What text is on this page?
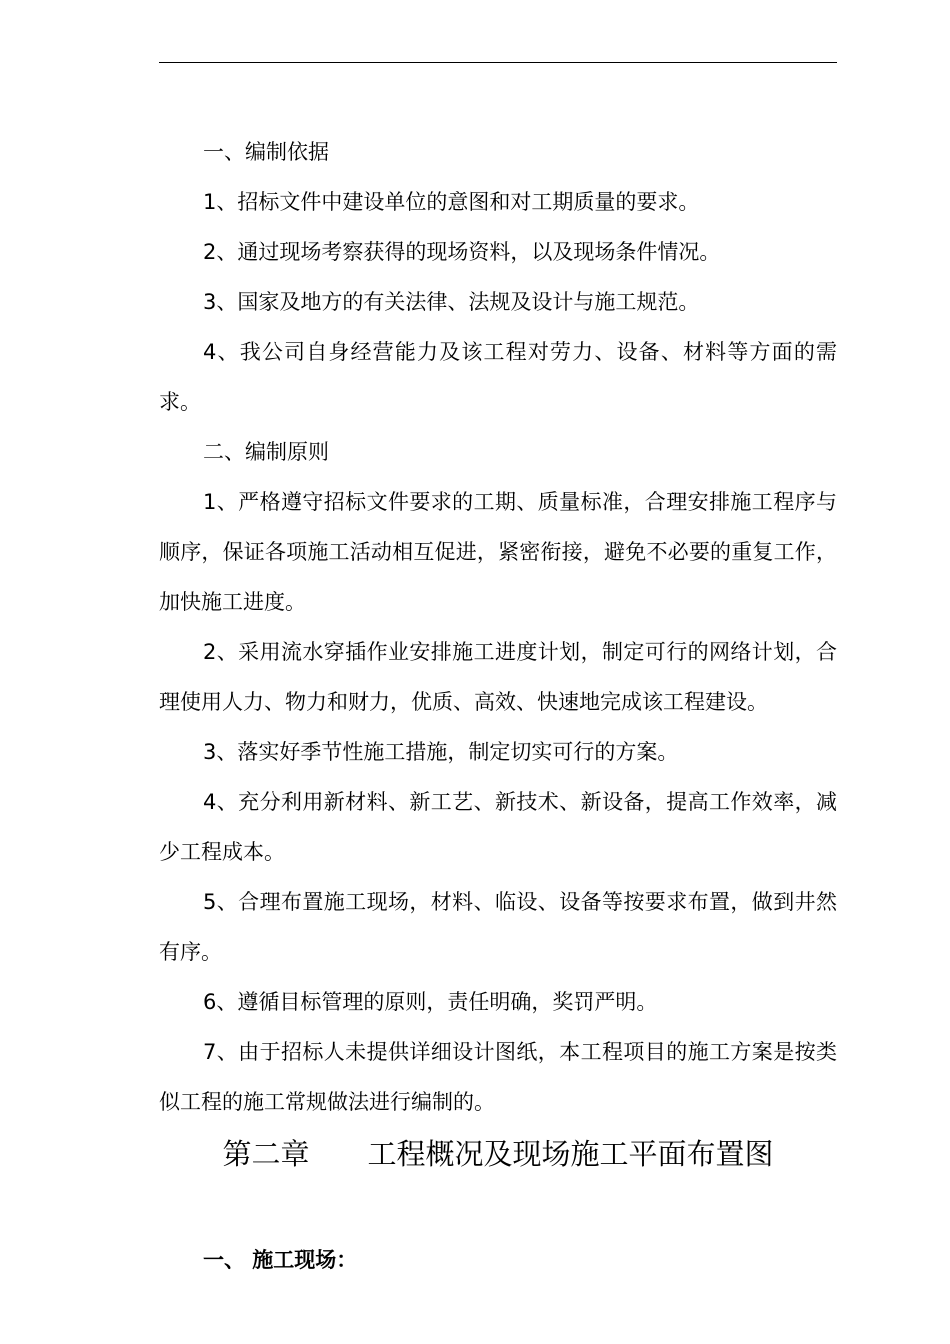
一、编制依据

1、招标文件中建设单位的意图和对工期质量的要求。

2、通过现场考察获得的现场资料，以及现场条件情况。

3、国家及地方的有关法律、法规及设计与施工规范。

4、我公司自身经营能力及该工程对劳力、设备、材料等方面的需求。

二、编制原则

1、严格遵守招标文件要求的工期、质量标准，合理安排施工程序与顺序，保证各项施工活动相互促进，紧密衔接，避免不必要的重复工作，加快施工进度。

2、采用流水穿插作业安排施工进度计划，制定可行的网络计划，合理使用人力、物力和财力，优质、高效、快速地完成该工程建设。

3、落实好季节性施工措施，制定切实可行的方案。

4、充分利用新材料、新工艺、新技术、新设备，提高工作效率，减少工程成本。

5、合理布置施工现场，材料、临设、设备等按要求布置，做到井然有序。

6、遵循目标管理的原则，责任明确，奖罚严明。

7、由于招标人未提供详细设计图纸，本工程项目的施工方案是按类似工程的施工常规做法进行编制的。

第二章　　工程概况及现场施工平面布置图
一、 施工现场：
